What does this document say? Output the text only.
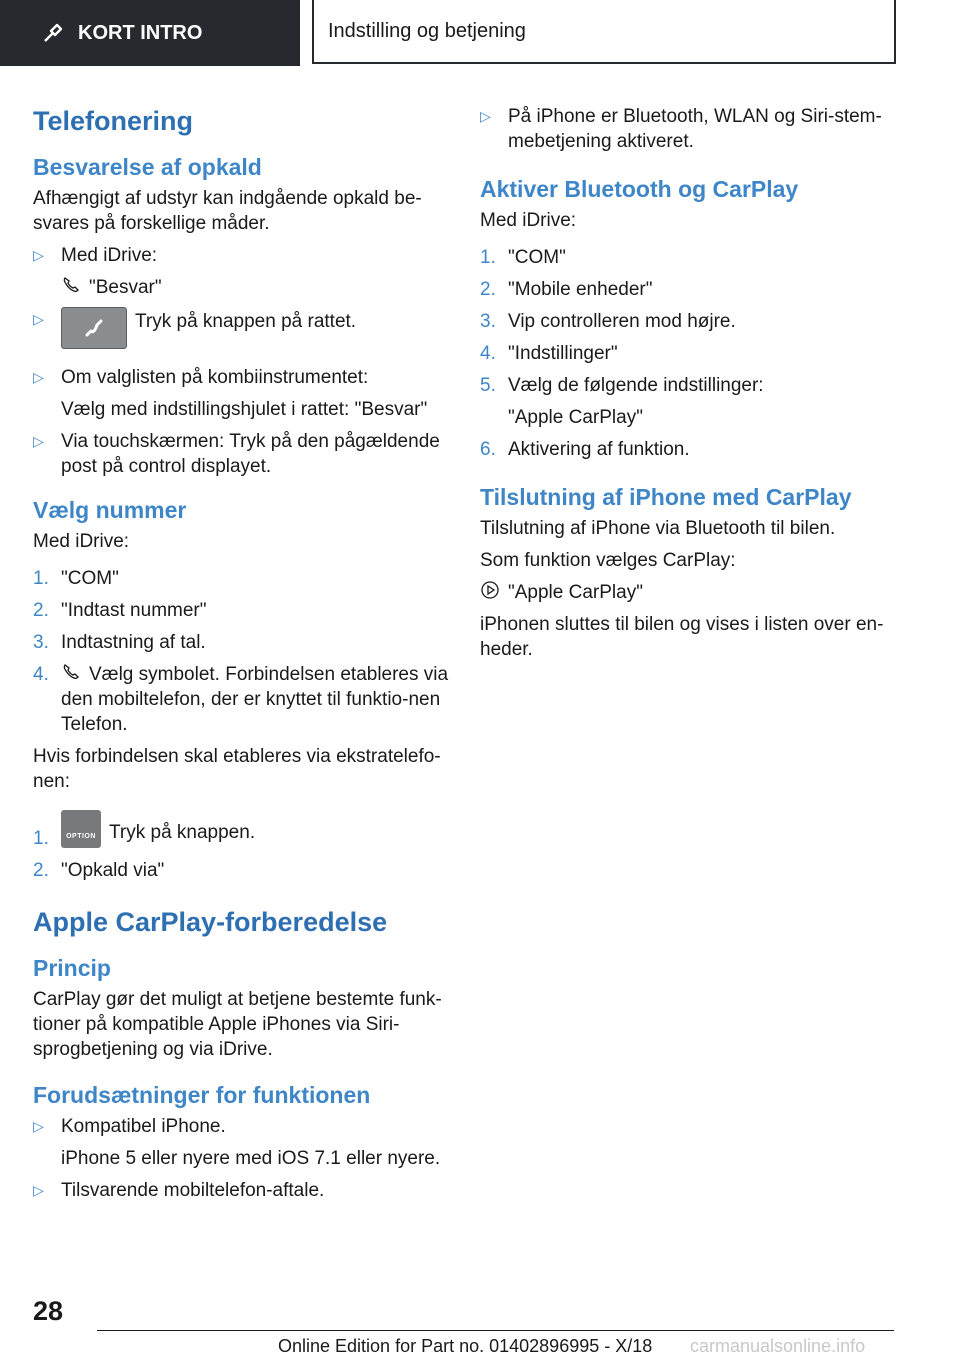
KORT INTRO	Indstilling og betjening
Telefonering
Besvarelse af opkald

Afhængigt af udstyr kan indgående opkald be-svares på forskellige måder.

▷ Med iDrive:
"Besvar"
▷	Tryk på knappen på rattet.
▷ Om valglisten på kombiinstrumentet:
Vælg med indstillingshjulet i rattet: "Besvar"
▷ Via touchskærmen: Tryk på den pågældende post på control displayet.
Vælg nummer

Med iDrive:

1. "COM"
2. "Indtast nummer"
3. Indtastning af tal.
4. Vælg symbolet. Forbindelsen etableres via den mobiltelefon, der er knyttet til funktio-nen Telefon.

Hvis forbindelsen skal etableres via ekstratelefo-nen:

1.	OPTION Tryk på knappen.
2. "Opkald via"
Apple CarPlay-forberedelse
Princip

CarPlay gør det muligt at betjene bestemte funk-tioner på kompatible Apple iPhones via Siri-sprogbetjening og via iDrive.

Forudsætninger for funktionen
▷ Kompatibel iPhone.
iPhone 5 eller nyere med iOS 7.1 eller nyere.
▷ Tilsvarende mobiltelefon-aftale.
▷ På iPhone er Bluetooth, WLAN og Siri-stem-mebetjening aktiveret.
Aktiver Bluetooth og CarPlay

Med iDrive:

1. "COM"
2. "Mobile enheder"
3. Vip controlleren mod højre.
4. "Indstillinger"
5. Vælg de følgende indstillinger:
"Apple CarPlay"
6. Aktivering af funktion.
Tilslutning af iPhone med CarPlay

Tilslutning af iPhone via Bluetooth til bilen.

Som funktion vælges CarPlay:

"Apple CarPlay"

iPhonen sluttes til bilen og vises i listen over en-heder.

28
Online Edition for Part no. 01402896995 - X/18 carmanualsonline.info
